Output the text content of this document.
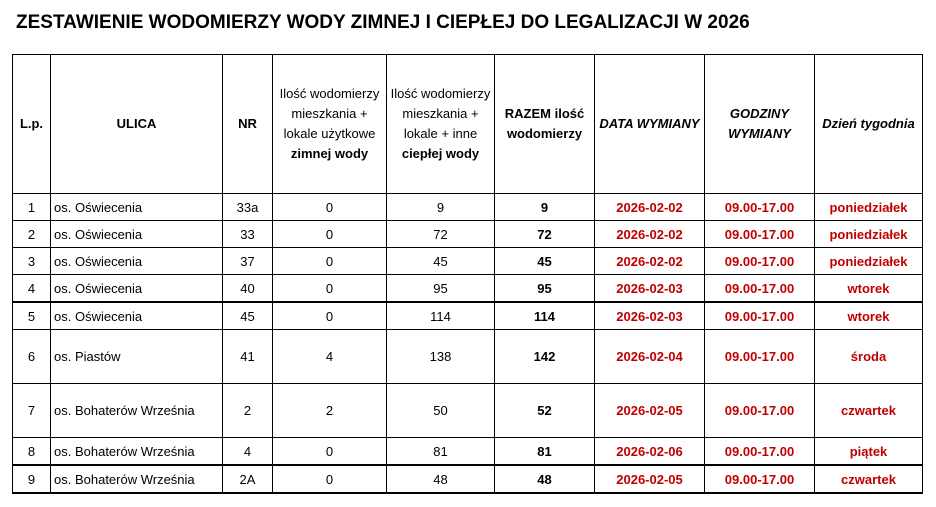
ZESTAWIENIE WODOMIERZY WODY ZIMNEJ I CIEPŁEJ DO LEGALIZACJI W 2026
L.p.	ULICA	NR	Ilość wodomierzy mieszkania + lokale użytkowe
zimnej wody	Ilość wodomierzy mieszkania + lokale + inne
ciepłej wody	RAZEM ilość wodomierzy	DATA WYMIANY	GODZINY WYMIANY	Dzień tygodnia
1	os. Oświecenia	33a	0	9	9	2026-02-02	09.00-17.00	poniedziałek
2	os. Oświecenia	33	0	72	72	2026-02-02	09.00-17.00	poniedziałek
3	os. Oświecenia	37	0	45	45	2026-02-02	09.00-17.00	poniedziałek
4	os. Oświecenia	40	0	95	95	2026-02-03	09.00-17.00	wtorek
5	os. Oświecenia	45	0	114	114	2026-02-03	09.00-17.00	wtorek
6	os. Piastów	41	4	138	142	2026-02-04	09.00-17.00	środa
7	os. Bohaterów Września	2	2	50	52	2026-02-05	09.00-17.00	czwartek
8	os. Bohaterów Września	4	0	81	81	2026-02-06	09.00-17.00	piątek
9	os. Bohaterów Września	2A	0	48	48	2026-02-05	09.00-17.00	czwartek
